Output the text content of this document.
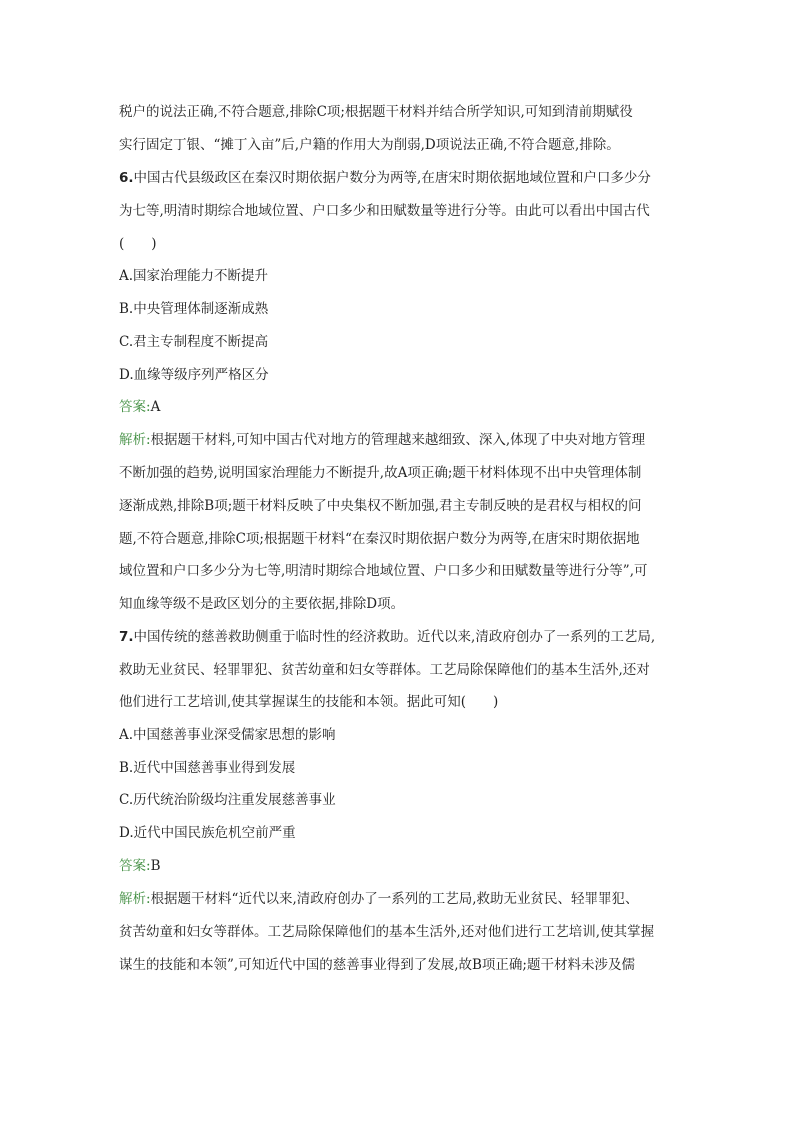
税户的说法正确,不符合题意,排除C项;根据题干材料并结合所学知识,可知到清前期赋役
实行固定丁银、“摊丁入亩”后,户籍的作用大为削弱,D项说法正确,不符合题意,排除。
6.中国古代县级政区在秦汉时期依据户数分为两等,在唐宋时期依据地域位置和户口多少分
为七等,明清时期综合地域位置、户口多少和田赋数量等进行分等。由此可以看出中国古代
(　　)
A.国家治理能力不断提升
B.中央管理体制逐渐成熟
C.君主专制程度不断提高
D.血缘等级序列严格区分
答案:A
解析:根据题干材料,可知中国古代对地方的管理越来越细致、深入,体现了中央对地方管理
不断加强的趋势,说明国家治理能力不断提升,故A项正确;题干材料体现不出中央管理体制
逐渐成熟,排除B项;题干材料反映了中央集权不断加强,君主专制反映的是君权与相权的问
题,不符合题意,排除C项;根据题干材料“在秦汉时期依据户数分为两等,在唐宋时期依据地
域位置和户口多少分为七等,明清时期综合地域位置、户口多少和田赋数量等进行分等”,可
知血缘等级不是政区划分的主要依据,排除D项。
7.中国传统的慈善救助侧重于临时性的经济救助。近代以来,清政府创办了一系列的工艺局,
救助无业贫民、轻罪罪犯、贫苦幼童和妇女等群体。工艺局除保障他们的基本生活外,还对
他们进行工艺培训,使其掌握谋生的技能和本领。据此可知(　　)
A.中国慈善事业深受儒家思想的影响
B.近代中国慈善事业得到发展
C.历代统治阶级均注重发展慈善事业
D.近代中国民族危机空前严重
答案:B
解析:根据题干材料“近代以来,清政府创办了一系列的工艺局,救助无业贫民、轻罪罪犯、
贫苦幼童和妇女等群体。工艺局除保障他们的基本生活外,还对他们进行工艺培训,使其掌握
谋生的技能和本领”,可知近代中国的慈善事业得到了发展,故B项正确;题干材料未涉及儒
